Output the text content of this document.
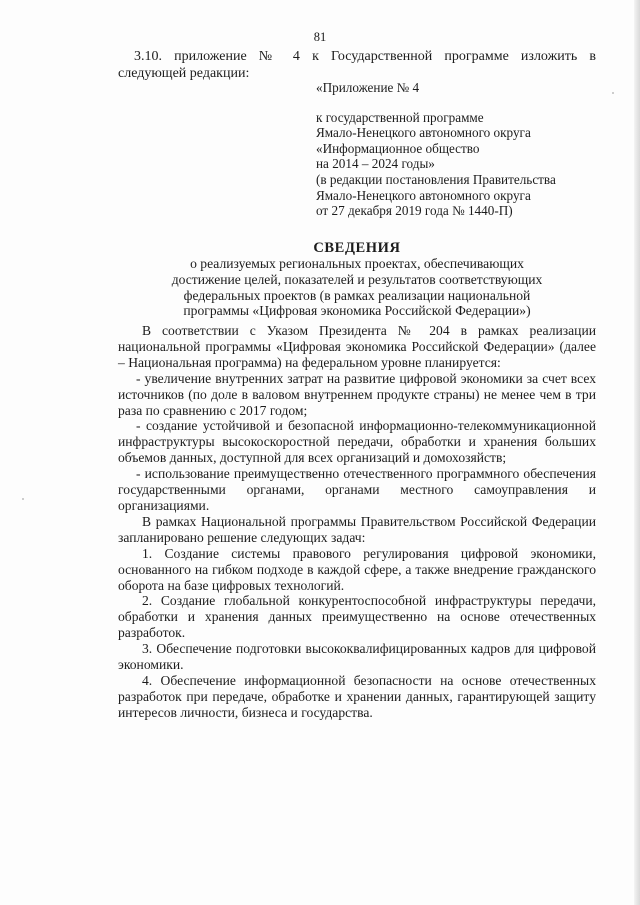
81
3.10. приложение № 4 к Государственной программе изложить в
следующей редакции:
«Приложение № 4
к государственной программе
Ямало-Ненецкого автономного округа
«Информационное общество
на 2014 – 2024 годы»
(в редакции постановления Правительства
Ямало-Ненецкого автономного округа
от 27 декабря 2019 года № 1440-П)
СВЕДЕНИЯ
о реализуемых региональных проектах, обеспечивающих
достижение целей, показателей и результатов соответствующих
федеральных проектов (в рамках реализации национальной
программы «Цифровая экономика Российской Федерации»)

В соответствии с Указом Президента № 204 в рамках реализации национальной программы «Цифровая экономика Российской Федерации» (далее – Национальная программа) на федеральном уровне планируется:

- увеличение внутренних затрат на развитие цифровой экономики за счет всех источников (по доле в валовом внутреннем продукте страны) не менее чем в три раза по сравнению с 2017 годом;

- создание устойчивой и безопасной информационно-телекоммуникационной инфраструктуры высокоскоростной передачи, обработки и хранения больших объемов данных, доступной для всех организаций и домохозяйств;

- использование преимущественно отечественного программного обеспечения государственными органами, органами местного самоуправления и организациями.

В рамках Национальной программы Правительством Российской Федерации запланировано решение следующих задач:

1. Создание системы правового регулирования цифровой экономики, основанного на гибком подходе в каждой сфере, а также внедрение гражданского оборота на базе цифровых технологий.

2. Создание глобальной конкурентоспособной инфраструктуры передачи, обработки и хранения данных преимущественно на основе отечественных разработок.

3. Обеспечение подготовки высококвалифицированных кадров для цифровой экономики.

4. Обеспечение информационной безопасности на основе отечественных разработок при передаче, обработке и хранении данных, гарантирующей защиту интересов личности, бизнеса и государства.
